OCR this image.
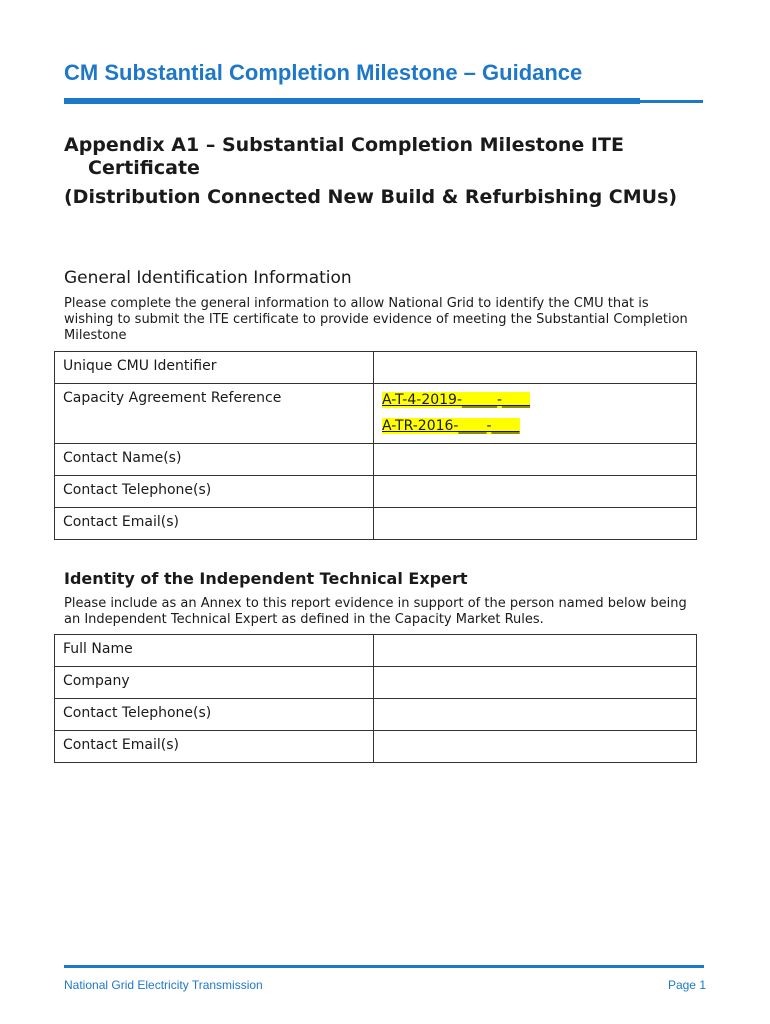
CM Substantial Completion Milestone – Guidance

Appendix A1 – Substantial Completion Milestone ITE Certificate

(Distribution Connected New Build & Refurbishing CMUs)

General Identification Information
Please complete the general information to allow National Grid to identify the CMU that is wishing to submit the ITE certificate to provide evidence of meeting the Substantial Completion Milestone
Unique CMU Identifier	
Capacity Agreement Reference	A-T-4-2019-_____-____
A-TR-2016-____-____

Contact Name(s)	
Contact Telephone(s)	
Contact Email(s)	
Identity of the Independent Technical Expert
Please include as an Annex to this report evidence in support of the person named below being an Independent Technical Expert as defined in the Capacity Market Rules.
Full Name	
Company	
Contact Telephone(s)	
Contact Email(s)	
National Grid Electricity Transmission	Page 1
